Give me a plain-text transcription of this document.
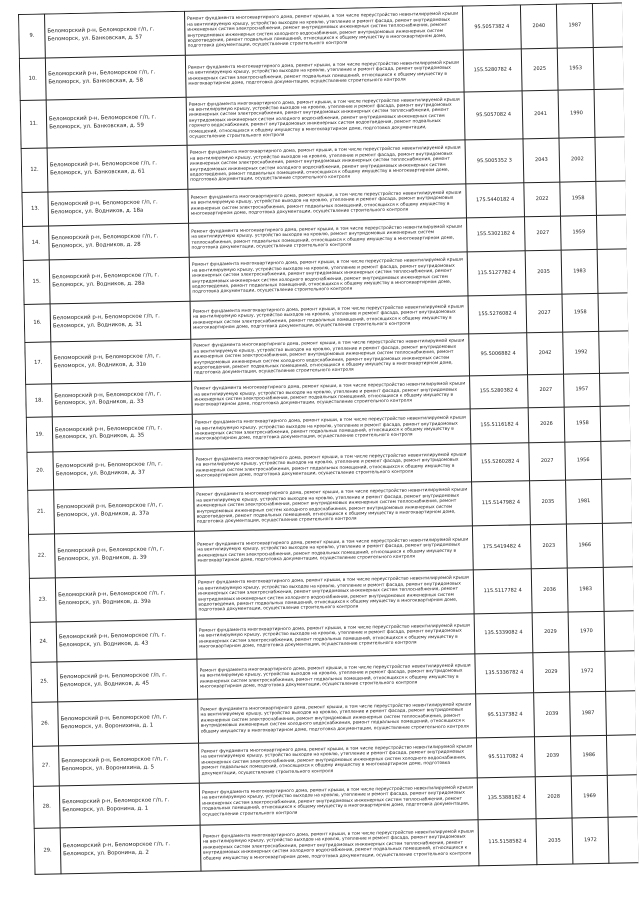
9.	Беломорский р-н, Беломорское г/п, г. Беломорск, ул. Банковская, д. 57	Ремонт фундамента многоквартирного дома, ремонт крыши, в том числе переустройство невентилируемой крыши на вентилируемую крышу, устройство выходов на кровлю, утепление и ремонт фасада, ремонт внутридомовых инженерных систем электроснабжения, ремонт внутридомовых инженерных систем теплоснабжения, ремонт внутридомовых инженерных систем холодного водоснабжения, ремонт внутридомовых инженерных систем водоотведения, ремонт подвальных помещений, относящихся к общему имуществу в многоквартирном доме, подготовка документации, осуществление строительного контроля	95.5057382 4	2040	1987	
10.	Беломорский р-н, Беломорское г/п, г. Беломорск, ул. Банковская, д. 58	Ремонт фундамента многоквартирного дома, ремонт крыши, в том числе переустройство невентилируемой крыши на вентилируемую крышу, устройство выходов на кровлю, утепление и ремонт фасада, ремонт внутридомовых инженерных систем электроснабжения, ремонт подвальных помещений, относящихся к общему имуществу в многоквартирном доме, подготовка документации, осуществление строительного контроля	155.5280782 4	2025	1953	
11.	Беломорский р-н, Беломорское г/п, г. Беломорск, ул. Банковская, д. 59	Ремонт фундамента многоквартирного дома, ремонт крыши, в том числе переустройство невентилируемой крыши на вентилируемую крышу, устройство выходов на кровлю, утепление и ремонт фасада, ремонт внутридомовых инженерных систем электроснабжения, ремонт внутридомовых инженерных систем теплоснабжения, ремонт внутридомовых инженерных систем холодного водоснабжения, ремонт внутридомовых инженерных систем горячего водоснабжения, ремонт внутридомовых инженерных систем водоотведения, ремонт подвальных помещений, относящихся к общему имуществу в многоквартирном доме, подготовка документации, осуществление строительного контроля	95.5057082 4	2041	1990	
12.	Беломорский р-н, Беломорское г/п, г. Беломорск, ул. Банковская, д. 61	Ремонт фундамента многоквартирного дома, ремонт крыши, в том числе переустройство невентилируемой крыши на вентилируемую крышу, устройство выходов на кровлю, утепление и ремонт фасада, ремонт внутридомовых инженерных систем электроснабжения, ремонт внутридомовых инженерных систем теплоснабжения, ремонт внутридомовых инженерных систем холодного водоснабжения, ремонт внутридомовых инженерных систем водоотведения, ремонт подвальных помещений, относящихся к общему имуществу в многоквартирном доме, подготовка документации, осуществление строительного контроля	95.5005352 3	2043	2002	
13.	Беломорский р-н, Беломорское г/п, г. Беломорск, ул. Водников, д. 18а	Ремонт фундамента многоквартирного дома, ремонт крыши, в том числе переустройство невентилируемой крыши на вентилируемую крышу, устройство выходов на кровлю, утепление и ремонт фасада, ремонт внутридомовых инженерных систем электроснабжения, ремонт подвальных помещений, относящихся к общему имуществу в многоквартирном доме, подготовка документации, осуществление строительного контроля	175.5440182 4	2022	1958	
14.	Беломорский р-н, Беломорское г/п, г. Беломорск, ул. Водников, д. 28	Ремонт фундамента многоквартирного дома, ремонт крыши, в том числе переустройство невентилируемой крыши на вентилируемую крышу, устройство выходов на кровлю, ремонт внутридомовых инженерных систем теплоснабжения, ремонт подвальных помещений, относящихся к общему имуществу в многоквартирном доме, подготовка документации, осуществление строительного контроля	155.5302182 4	2027	1959	
15.	Беломорский р-н, Беломорское г/п, г. Беломорск, ул. Водников, д. 28а	Ремонт фундамента многоквартирного дома, ремонт крыши, в том числе переустройство невентилируемой крыши на вентилируемую крышу, устройство выходов на кровлю, утепление и ремонт фасада, ремонт внутридомовых инженерных систем электроснабжения, ремонт внутридомовых инженерных систем теплоснабжения, ремонт внутридомовых инженерных систем холодного водоснабжения, ремонт внутридомовых инженерных систем водоотведения, ремонт подвальных помещений, относящихся к общему имуществу в многоквартирном доме, подготовка документации, осуществление строительного контроля	115.5127782 4	2035	1983	
16.	Беломорский р-н, Беломорское г/п, г. Беломорск, ул. Водников, д. 31	Ремонт фундамента многоквартирного дома, ремонт крыши, в том числе переустройство невентилируемой крыши на вентилируемую крышу, устройство выходов на кровлю, утепление и ремонт фасада, ремонт внутридомовых инженерных систем электроснабжения, ремонт подвальных помещений, относящихся к общему имуществу в многоквартирном доме, подготовка документации, осуществление строительного контроля	155.5276082 4	2027	1958	
17.	Беломорский р-н, Беломорское г/п, г. Беломорск, ул. Водников, д. 31в	Ремонт фундамента многоквартирного дома, ремонт крыши, в том числе переустройство невентилируемой крыши на вентилируемую крышу, устройство выходов на кровлю, утепление и ремонт фасада, ремонт внутридомовых инженерных систем электроснабжения, ремонт внутридомовых инженерных систем теплоснабжения, ремонт внутридомовых инженерных систем холодного водоснабжения, ремонт внутридомовых инженерных систем водоотведения, ремонт подвальных помещений, относящихся к общему имуществу в многоквартирном доме, подготовка документации, осуществление строительного контроля	95.5006882 4	2042	1992	
18.	Беломорский р-н, Беломорское г/п, г. Беломорск, ул. Водников, д. 33	Ремонт фундамента многоквартирного дома, ремонт крыши, в том числе переустройство невентилируемой крыши на вентилируемую крышу, устройство выходов на кровлю, утепление и ремонт фасада, ремонт внутридомовых инженерных систем электроснабжения, ремонт подвальных помещений, относящихся к общему имуществу в многоквартирном доме, подготовка документации, осуществление строительного контроля	155.5280382 4	2027	1957	
19.	Беломорский р-н, Беломорское г/п, г. Беломорск, ул. Водников, д. 35	Ремонт фундамента многоквартирного дома, ремонт крыши, в том числе переустройство невентилируемой крыши на вентилируемую крышу, устройство выходов на кровлю, утепление и ремонт фасада, ремонт внутридомовых инженерных систем электроснабжения, ремонт подвальных помещений, относящихся к общему имуществу в многоквартирном доме, подготовка документации, осуществление строительного контроля	155.5116182 4	2026	1958	
20.	Беломорский р-н, Беломорское г/п, г. Беломорск, ул. Водников, д. 37	Ремонт фундамента многоквартирного дома, ремонт крыши, в том числе переустройство невентилируемой крыши на вентилируемую крышу, устройство выходов на кровлю, утепление и ремонт фасада, ремонт внутридомовых инженерных систем электроснабжения, ремонт подвальных помещений, относящихся к общему имуществу в многоквартирном доме, подготовка документации, осуществление строительного контроля	155.5260282 4	2027	1956	
21.	Беломорский р-н, Беломорское г/п, г. Беломорск, ул. Водников, д. 37а	Ремонт фундамента многоквартирного дома, ремонт крыши, в том числе переустройство невентилируемой крыши на вентилируемую крышу, устройство выходов на кровлю, утепление и ремонт фасада, ремонт внутридомовых инженерных систем электроснабжения, ремонт внутридомовых инженерных систем теплоснабжения, ремонт внутридомовых инженерных систем холодного водоснабжения, ремонт внутридомовых инженерных систем водоотведения, ремонт подвальных помещений, относящихся к общему имуществу в многоквартирном доме, подготовка документации, осуществление строительного контроля	115.5147982 4	2035	1981	
22.	Беломорский р-н, Беломорское г/п, г. Беломорск, ул. Водников, д. 39	Ремонт фундамента многоквартирного дома, ремонт крыши, в том числе переустройство невентилируемой крыши на вентилируемую крышу, устройство выходов на кровлю, утепление и ремонт фасада, ремонт внутридомовых инженерных систем электроснабжения, ремонт подвальных помещений, относящихся к общему имуществу в многоквартирном доме, подготовка документации, осуществление строительного контроля	175.5419482 4	2023	1966	
23.	Беломорский р-н, Беломорское г/п, г. Беломорск, ул. Водников, д. 39а	Ремонт фундамента многоквартирного дома, ремонт крыши, в том числе переустройство невентилируемой крыши на вентилируемую крышу, устройство выходов на кровлю, утепление и ремонт фасада, ремонт внутридомовых инженерных систем электроснабжения, ремонт внутридомовых инженерных систем теплоснабжения, ремонт внутридомовых инженерных систем холодного водоснабжения, ремонт внутридомовых инженерных систем водоотведения, ремонт подвальных помещений, относящихся к общему имуществу в многоквартирном доме, подготовка документации, осуществление строительного контроля	115.5117782 4	2036	1983	
24.	Беломорский р-н, Беломорское г/п, г. Беломорск, ул. Водников, д. 43	Ремонт фундамента многоквартирного дома, ремонт крыши, в том числе переустройство невентилируемой крыши на вентилируемую крышу, устройство выходов на кровлю, утепление и ремонт фасада, ремонт внутридомовых инженерных систем электроснабжения, ремонт подвальных помещений, относящихся к общему имуществу в многоквартирном доме, подготовка документации, осуществление строительного контроля	135.5339082 4	2029	1970	
25.	Беломорский р-н, Беломорское г/п, г. Беломорск, ул. Водников, д. 45	Ремонт фундамента многоквартирного дома, ремонт крыши, в том числе переустройство невентилируемой крыши на вентилируемую крышу, устройство выходов на кровлю, утепление и ремонт фасада, ремонт внутридомовых инженерных систем электроснабжения, ремонт подвальных помещений, относящихся к общему имуществу в многоквартирном доме, подготовка документации, осуществление строительного контроля	135.5336782 4	2029	1972	
26.	Беломорский р-н, Беломорское г/п, г. Беломорск, ул. Воронихина, д. 1	Ремонт фундамента многоквартирного дома, ремонт крыши, в том числе переустройство невентилируемой крыши на вентилируемую крышу, устройство выходов на кровлю, утепление и ремонт фасада, ремонт внутридомовых инженерных систем электроснабжения, ремонт внутридомовых инженерных систем теплоснабжения, ремонт внутридомовых инженерных систем холодного водоснабжения, ремонт подвальных помещений, относящихся к общему имуществу в многоквартирном доме, подготовка документации, осуществление строительного контроля	95.5137382 4	2039	1987	
27.	Беломорский р-н, Беломорское г/п, г. Беломорск, ул. Воронихина, д. 5	Ремонт фундамента многоквартирного дома, ремонт крыши, в том числе переустройство невентилируемой крыши на вентилируемую крышу, устройство выходов на кровлю, утепление и ремонт фасада, ремонт внутридомовых инженерных систем электроснабжения, ремонт внутридомовых инженерных систем холодного водоснабжения, ремонт подвальных помещений, относящихся к общему имуществу в многоквартирном доме, подготовка документации, осуществление строительного контроля	95.5117082 4	2039	1986	
28.	Беломорский р-н, Беломорское г/п, г. Беломорск, ул. Воронина, д. 1	Ремонт фундамента многоквартирного дома, ремонт крыши, в том числе переустройство невентилируемой крыши на вентилируемую крышу, устройство выходов на кровлю, утепление и ремонт фасада, ремонт внутридомовых инженерных систем электроснабжения, ремонт внутридомовых инженерных систем теплоснабжения, ремонт подвальных помещений, относящихся к общему имуществу в многоквартирном доме, подготовка документации, осуществление строительного контроля	135.5388182 4	2028	1969	
29.	Беломорский р-н, Беломорское г/п, г. Беломорск, ул. Воронина, д. 2	Ремонт фундамента многоквартирного дома, ремонт крыши, в том числе переустройство невентилируемой крыши на вентилируемую крышу, устройство выходов на кровлю, утепление и ремонт фасада, ремонт внутридомовых инженерных систем электроснабжения, ремонт внутридомовых инженерных систем теплоснабжения, ремонт внутридомовых инженерных систем холодного водоснабжения, ремонт подвальных помещений, относящихся к общему имуществу в многоквартирном доме, подготовка документации, осуществление строительного контроля	115.5158582 4	2035	1972	
